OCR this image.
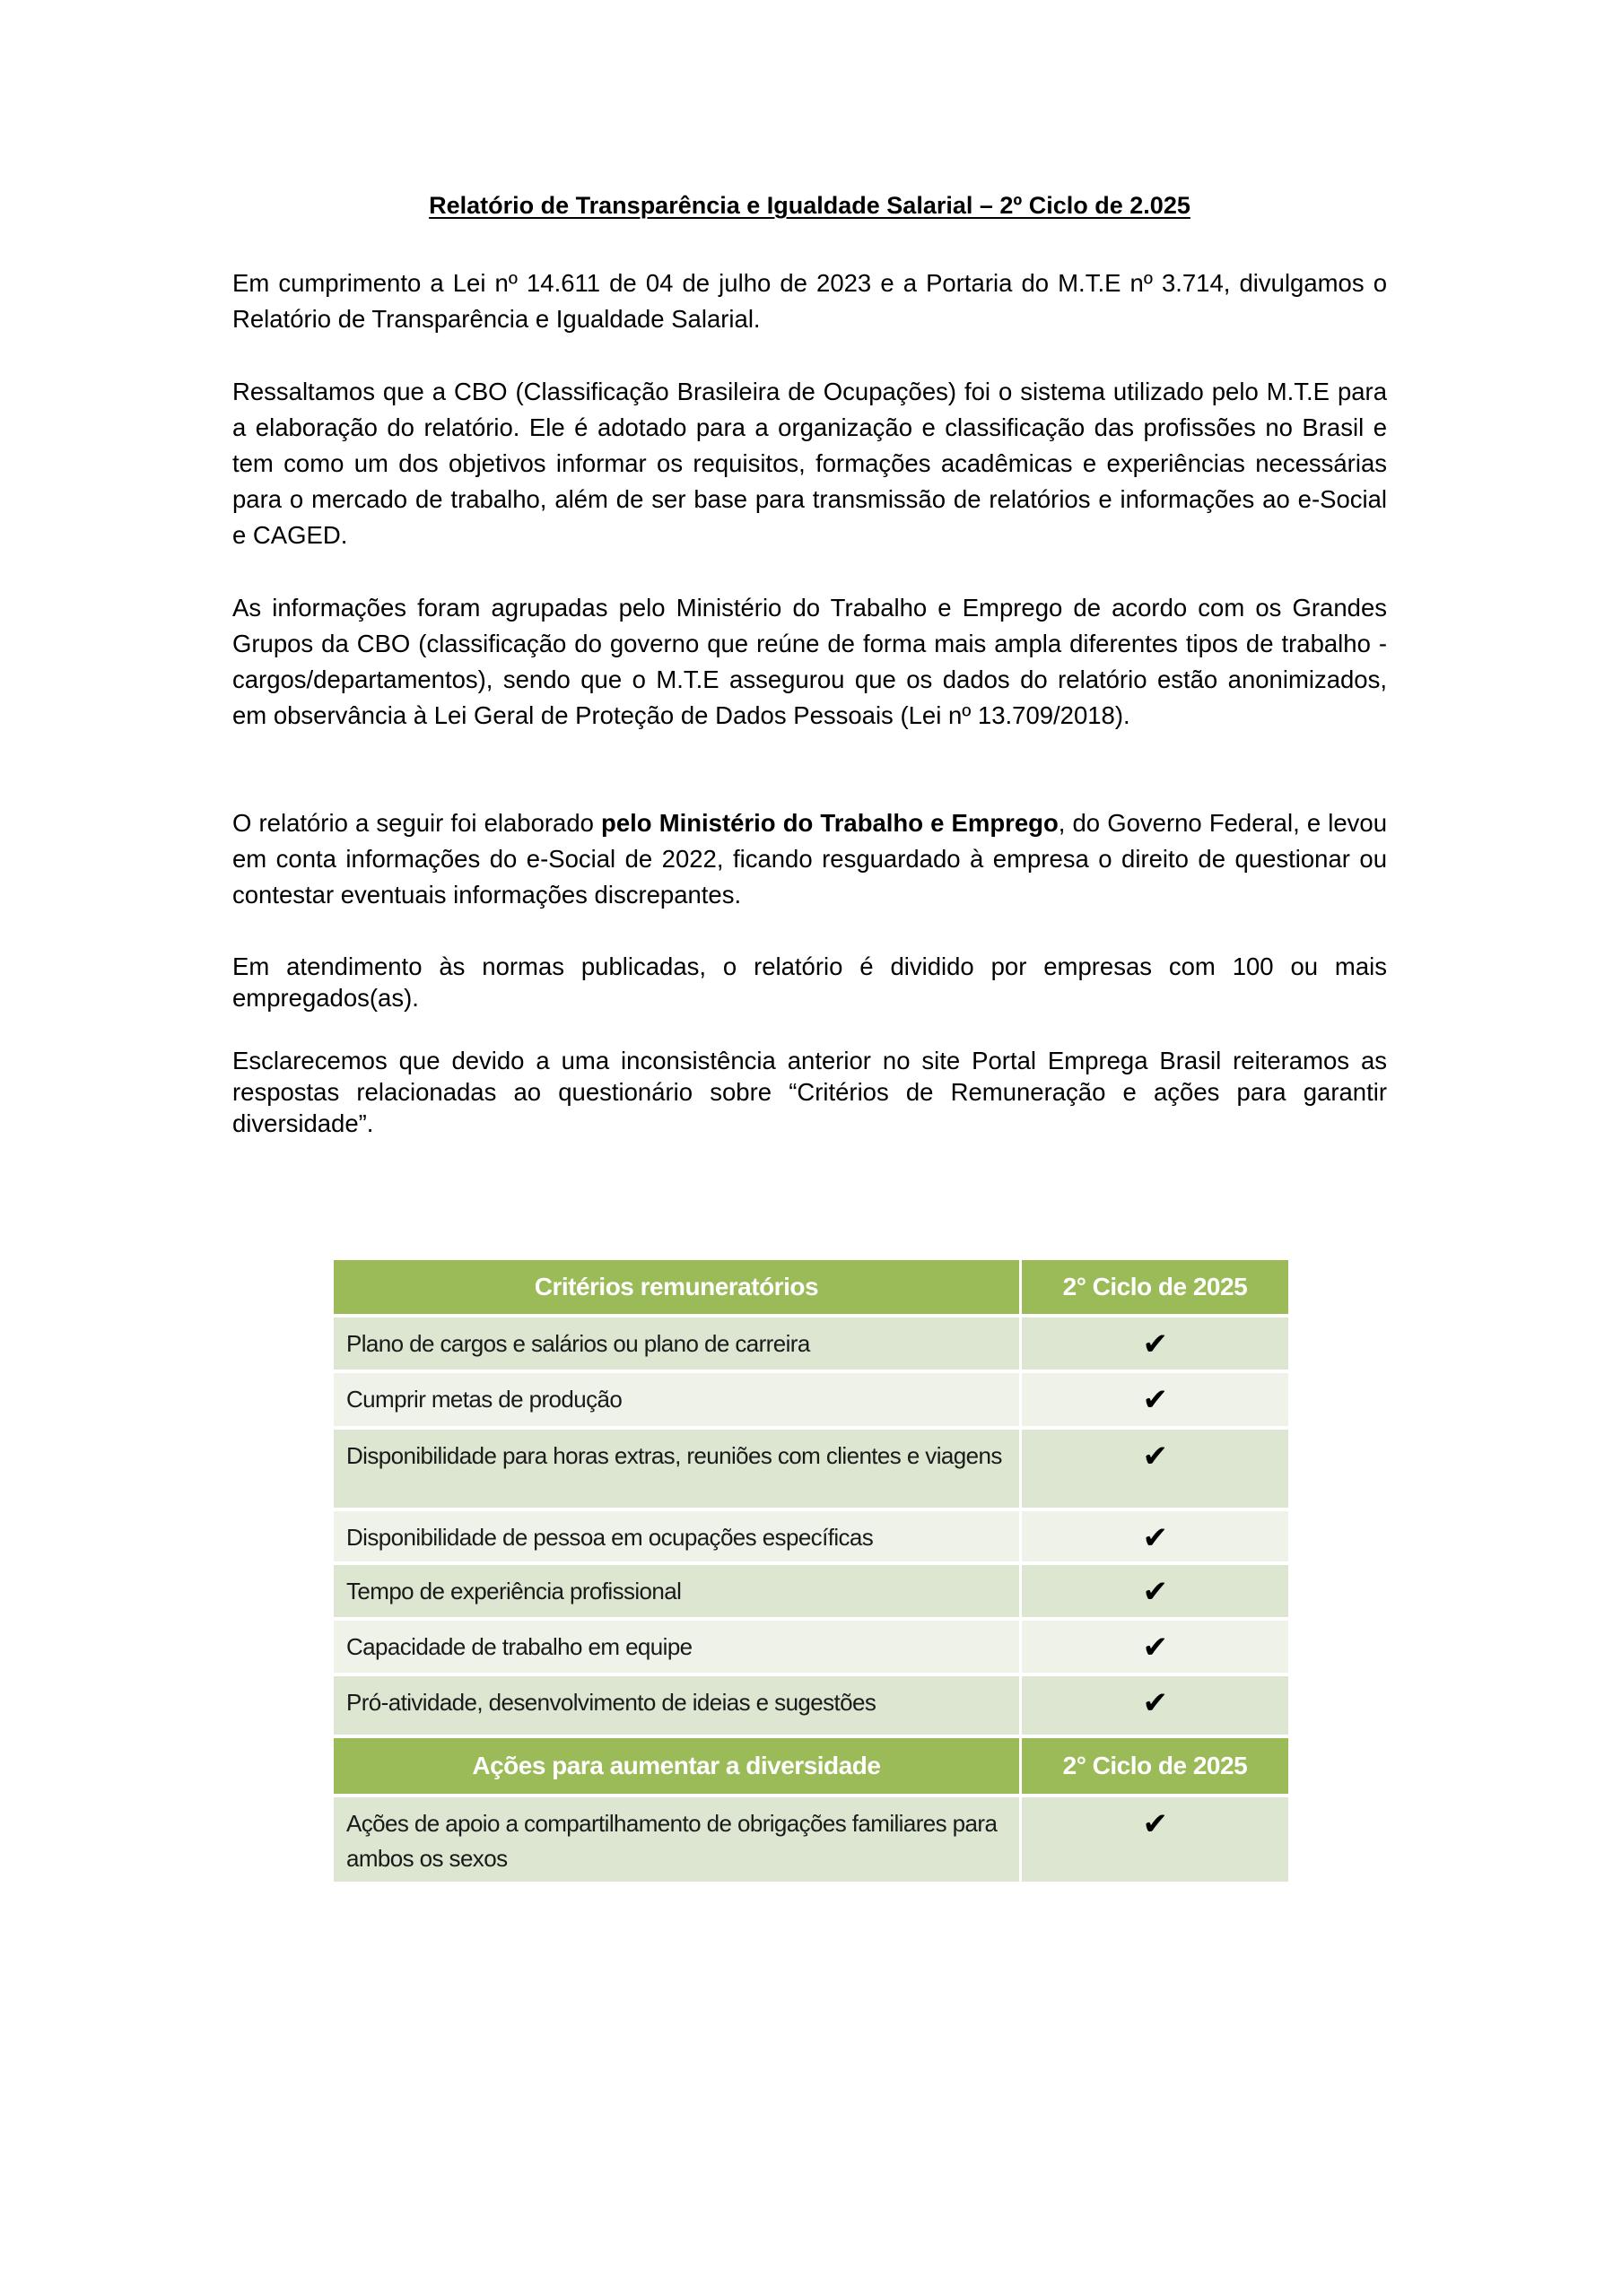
Relatório de Transparência e Igualdade Salarial – 2º Ciclo de 2.025

Em cumprimento a Lei nº 14.611 de 04 de julho de 2023 e a Portaria do M.T.E nº 3.714, divulgamos o Relatório de Transparência e Igualdade Salarial.

Ressaltamos que a CBO (Classificação Brasileira de Ocupações) foi o sistema utilizado pelo M.T.E para a elaboração do relatório. Ele é adotado para a organização e classificação das profissões no Brasil e tem como um dos objetivos informar os requisitos, formações acadêmicas e experiências necessárias para o mercado de trabalho, além de ser base para transmissão de relatórios e informações ao e-Social e CAGED.

As informações foram agrupadas pelo Ministério do Trabalho e Emprego de acordo com os Grandes Grupos da CBO (classificação do governo que reúne de forma mais ampla diferentes tipos de trabalho - cargos/departamentos), sendo que o M.T.E assegurou que os dados do relatório estão anonimizados, em observância à Lei Geral de Proteção de Dados Pessoais (Lei nº 13.709/2018).

O relatório a seguir foi elaborado pelo Ministério do Trabalho e Emprego, do Governo Federal, e levou em conta informações do e-Social de 2022, ficando resguardado à empresa o direito de questionar ou contestar eventuais informações discrepantes.

Em atendimento às normas publicadas, o relatório é dividido por empresas com 100 ou mais empregados(as).

Esclarecemos que devido a uma inconsistência anterior no site Portal Emprega Brasil reiteramos as respostas relacionadas ao questionário sobre “Critérios de Remuneração e ações para garantir diversidade”.

Critérios remuneratórios	2° Ciclo de 2025
Plano de cargos e salários ou plano de carreira	✔
Cumprir metas de produção	✔
Disponibilidade para horas extras, reuniões com clientes e viagens	✔
Disponibilidade de pessoa em ocupações específicas	✔
Tempo de experiência profissional	✔
Capacidade de trabalho em equipe	✔
Pró-atividade, desenvolvimento de ideias e sugestões	✔
Ações para aumentar a diversidade	2° Ciclo de 2025
Ações de apoio a compartilhamento de obrigações familiares para ambos os sexos	✔
